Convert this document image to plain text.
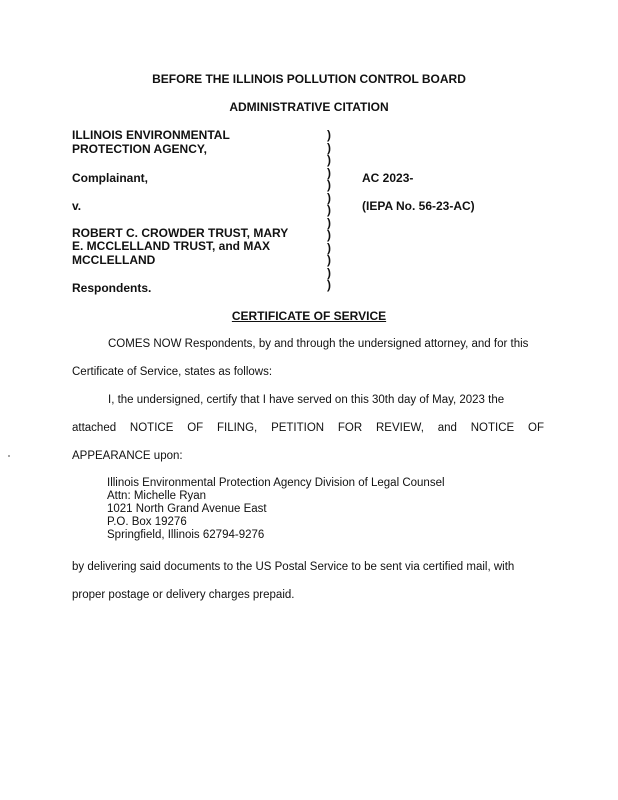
BEFORE THE ILLINOIS POLLUTION CONTROL BOARD
ADMINISTRATIVE CITATION
ILLINOIS ENVIRONMENTAL
PROTECTION AGENCY,
Complainant,
v.
ROBERT C. CROWDER TRUST, MARY
E. MCCLELLAND TRUST, and MAX
MCCLELLAND
Respondents.
)
)
)
)
)
)
)
)
)
)
)
)
)
AC 2023-
(IEPA No. 56-23-AC)
CERTIFICATE OF SERVICE
COMES NOW Respondents, by and through the undersigned attorney, and for this
Certificate of Service, states as follows:
I, the undersigned, certify that I have served on this 30th day of May, 2023 the
attached NOTICE OF FILING, PETITION FOR REVIEW, and NOTICE OF
APPEARANCE upon:
Illinois Environmental Protection Agency Division of Legal Counsel
Attn: Michelle Ryan
1021 North Grand Avenue East
P.O. Box 19276
Springfield, Illinois 62794-9276
by delivering said documents to the US Postal Service to be sent via certified mail, with
proper postage or delivery charges prepaid.
